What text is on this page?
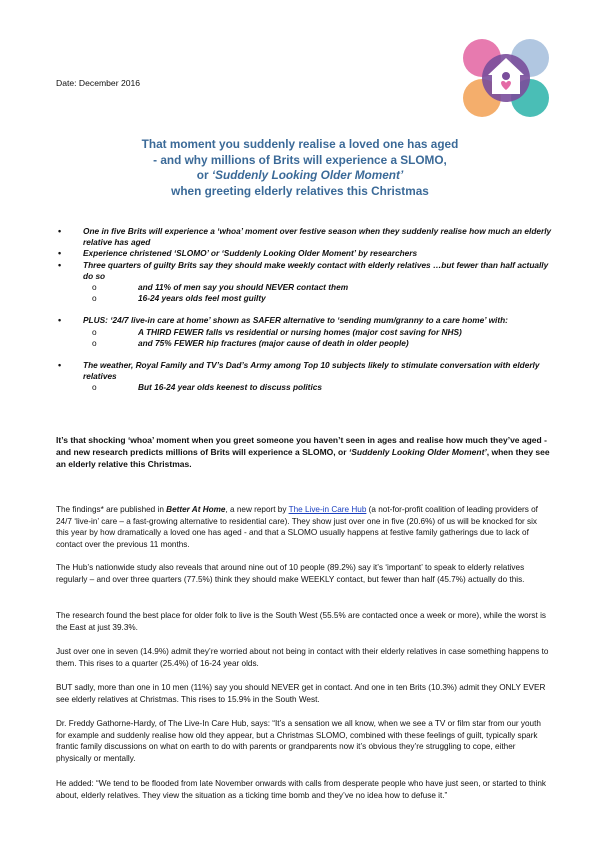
Date: December 2016
That moment you suddenly realise a loved one has aged
- and why millions of Brits will experience a SLOMO,
or ‘Suddenly Looking Older Moment’
when greeting elderly relatives this Christmas
• One in five Brits will experience a ‘whoa’ moment over festive season when they suddenly realise how much an elderly relative has aged
• Experience christened ‘SLOMO’ or ‘Suddenly Looking Older Moment’ by researchers
• Three quarters of guilty Brits say they should make weekly contact with elderly relatives …but fewer than half actually do so
o and 11% of men say you should NEVER contact them
o 16-24 years olds feel most guilty
• PLUS: ‘24/7 live-in care at home’ shown as SAFER alternative to ‘sending mum/granny to a care home’ with:
o A THIRD FEWER falls vs residential or nursing homes (major cost saving for NHS)
o and 75% FEWER hip fractures (major cause of death in older people)
• The weather, Royal Family and TV’s Dad’s Army among Top 10 subjects likely to stimulate conversation with elderly relatives
o But 16-24 year olds keenest to discuss politics
It’s that shocking ‘whoa’ moment when you greet someone you haven’t seen in ages and realise how much they’ve aged - and new research predicts millions of Brits will experience a SLOMO, or ‘Suddenly Looking Older Moment’, when they see an elderly relative this Christmas.
The findings* are published in Better At Home, a new report by The Live-in Care Hub (a not-for-profit coalition of leading providers of 24/7 ‘live-in’ care – a fast-growing alternative to residential care). They show just over one in five (20.6%) of us will be knocked for six this year by how dramatically a loved one has aged - and that a SLOMO usually happens at festive family gatherings due to lack of contact over the previous 11 months.
The Hub’s nationwide study also reveals that around nine out of 10 people (89.2%) say it’s ‘important’ to speak to elderly relatives regularly – and over three quarters (77.5%) think they should make WEEKLY contact, but fewer than half (45.7%) actually do this.
The research found the best place for older folk to live is the South West (55.5% are contacted once a week or more), while the worst is the East at just 39.3%.
Just over one in seven (14.9%) admit they’re worried about not being in contact with their elderly relatives in case something happens to them. This rises to a quarter (25.4%) of 16-24 year olds.
BUT sadly, more than one in 10 men (11%) say you should NEVER get in contact. And one in ten Brits (10.3%) admit they ONLY EVER see elderly relatives at Christmas. This rises to 15.9% in the South West.
Dr. Freddy Gathorne-Hardy, of The Live-In Care Hub, says: “It’s a sensation we all know, when we see a TV or film star from our youth for example and suddenly realise how old they appear, but a Christmas SLOMO, combined with these feelings of guilt, typically spark frantic family discussions on what on earth to do with parents or grandparents now it’s obvious they’re struggling to cope, either physically or mentally.
He added: “We tend to be flooded from late November onwards with calls from desperate people who have just seen, or started to think about, elderly relatives. They view the situation as a ticking time bomb and they’ve no idea how to defuse it.”
